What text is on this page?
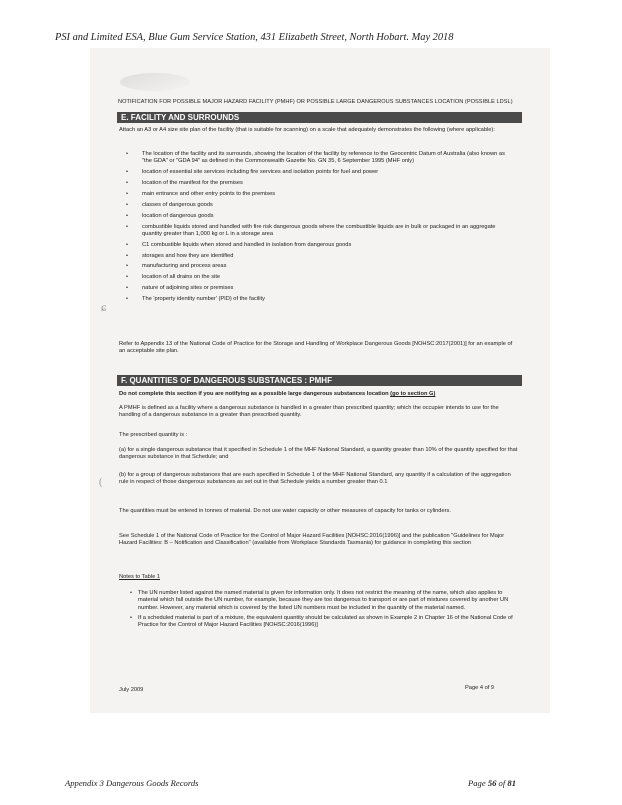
PSI and Limited ESA, Blue Gum Service Station, 431 Elizabeth Street, North Hobart. May 2018
NOTIFICATION FOR POSSIBLE MAJOR HAZARD FACILITY (PMHF) OR POSSIBLE LARGE DANGEROUS SUBSTANCES LOCATION (POSSIBLE LDSL)
E. FACILITY AND SURROUNDS
Attach an A3 or A4 size site plan of the facility (that is suitable for scanning) on a scale that adequately demonstrates the following (where applicable):
• The location of the facility and its surrounds, showing the location of the facility by reference to the Geocentric Datum of Australia (also known as "the GDA" or "GDA 94" as defined in the Commonwealth Gazette No. GN 35, 6 September 1995 (MHF only)
• location of essential site services including fire services and isolation points for fuel and power
• location of the manifest for the premises
• main entrance and other entry points to the premises
• classes of dangerous goods
• location of dangerous goods
• combustible liquids stored and handled with fire risk dangerous goods where the combustible liquids are in bulk or packaged in an aggregate quantity greater than 1,000 kg or L in a storage area
• C1 combustible liquids when stored and handled in isolation from dangerous goods
• storages and how they are identified
• manufacturing and process areas
• location of all drains on the site
• nature of adjoining sites or premises
• The 'property identity number' (PID) of the facility
Refer to Appendix 13 of the National Code of Practice for the Storage and Handling of Workplace Dangerous Goods [NOHSC:2017(2001)] for an example of an acceptable site plan.
F. QUANTITIES OF DANGEROUS SUBSTANCES : PMHF
Do not complete this section if you are notifying as a possible large dangerous substances location (go to section G)
A PMHF is defined as a facility where a dangerous substance is handled in a greater than prescribed quantity; which the occupier intends to use for the handling of a dangerous substance in a greater than prescribed quantity.
The prescribed quantity is :
(a) for a single dangerous substance that it specified in Schedule 1 of the MHF National Standard, a quantity greater than 10% of the quantity specified for that dangerous substance in that Schedule; and
(b) for a group of dangerous substances that are each specified in Schedule 1 of the MHF National Standard, any quantity if a calculation of the aggregation rule in respect of those dangerous substances as set out in that Schedule yields a number greater than 0.1
The quantities must be entered in tonnes of material. Do not use water capacity or other measures of capacity for tanks or cylinders.
See Schedule 1 of the National Code of Practice for the Control of Major Hazard Facilities [NOHSC:2016(1996)] and the publication "Guidelines for Major Hazard Facilities: B – Notification and Classification" (available from Workplace Standards Tasmania) for guidance in completing this section
Notes to Table 1
• The UN number listed against the named material is given for information only. It does not restrict the meaning of the name, which also applies to material which fall outside the UN number, for example, because they are too dangerous to transport or are part of mixtures covered by another UN number. However, any material which is covered by the listed UN numbers must be included in the quantity of the material named.
• If a scheduled material is part of a mixture, the equivalent quantity should be calculated as shown in Example 2 in Chapter 16 of the National Code of Practice for the Control of Major Hazard Facilities [NOHSC:2016(1996)]
July 2009	Page 4 of 9
ɕ
(
Appendix 3 Dangerous Goods Records	Page 56 of 81
